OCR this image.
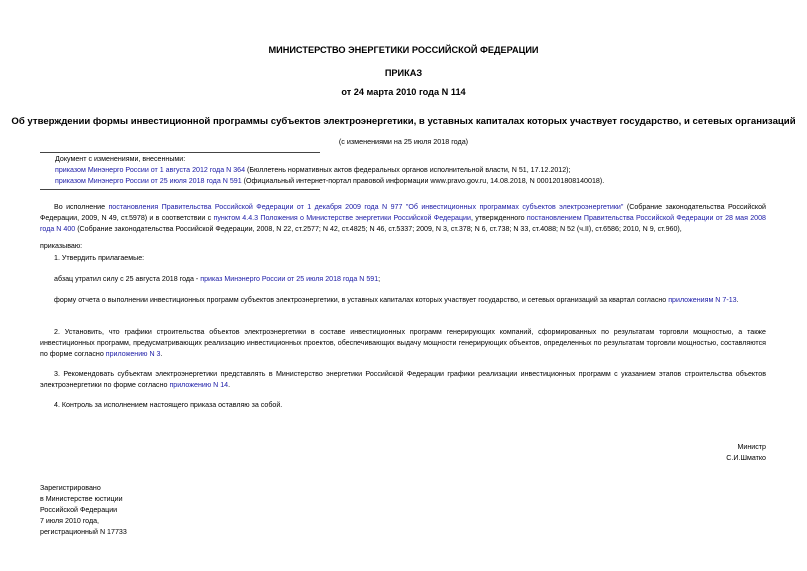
МИНИСТЕРСТВО ЭНЕРГЕТИКИ РОССИЙСКОЙ ФЕДЕРАЦИИ
ПРИКАЗ
от 24 марта 2010 года N 114
Об утверждении формы инвестиционной программы субъектов электроэнергетики, в уставных капиталах которых участвует государство, и сетевых организаций
(с изменениями на 25 июля 2018 года)
Документ с изменениями, внесенными:
приказом Минэнерго России от 1 августа 2012 года N 364 (Бюллетень нормативных актов федеральных органов исполнительной власти, N 51, 17.12.2012);
приказом Минэнерго России от 25 июля 2018 года N 591 (Официальный интернет-портал правовой информации www.pravo.gov.ru, 14.08.2018, N 0001201808140018).
Во исполнение постановления Правительства Российской Федерации от 1 декабря 2009 года N 977 "Об инвестиционных программах субъектов электроэнергетики" (Собрание законодательства Российской Федерации, 2009, N 49, ст.5978) и в соответствии с пунктом 4.4.3 Положения о Министерстве энергетики Российской Федерации, утвержденного постановлением Правительства Российской Федерации от 28 мая 2008 года N 400 (Собрание законодательства Российской Федерации, 2008, N 22, ст.2577; N 42, ст.4825; N 46, ст.5337; 2009, N 3, ст.378; N 6, ст.738; N 33, ст.4088; N 52 (ч.II), ст.6586; 2010, N 9, ст.960),
приказываю:
1. Утвердить прилагаемые:
абзац утратил силу с 25 августа 2018 года - приказ Минэнерго России от 25 июля 2018 года N 591;
форму отчета о выполнении инвестиционных программ субъектов электроэнергетики, в уставных капиталах которых участвует государство, и сетевых организаций за квартал согласно приложениям N 7-13.
2. Установить, что графики строительства объектов электроэнергетики в составе инвестиционных программ генерирующих компаний, сформированных по результатам торговли мощностью, а также инвестиционных программ, предусматривающих реализацию инвестиционных проектов, обеспечивающих выдачу мощности генерирующих объектов, определенных по результатам торговли мощностью, составляются по форме согласно приложению N 3.
3. Рекомендовать субъектам электроэнергетики представлять в Министерство энергетики Российской Федерации графики реализации инвестиционных программ с указанием этапов строительства объектов электроэнергетики по форме согласно приложению N 14.
4. Контроль за исполнением настоящего приказа оставляю за собой.
Министр
С.И.Шматко
Зарегистрировано
в Министерстве юстиции
Российской Федерации
7 июля 2010 года,
регистрационный N 17733
